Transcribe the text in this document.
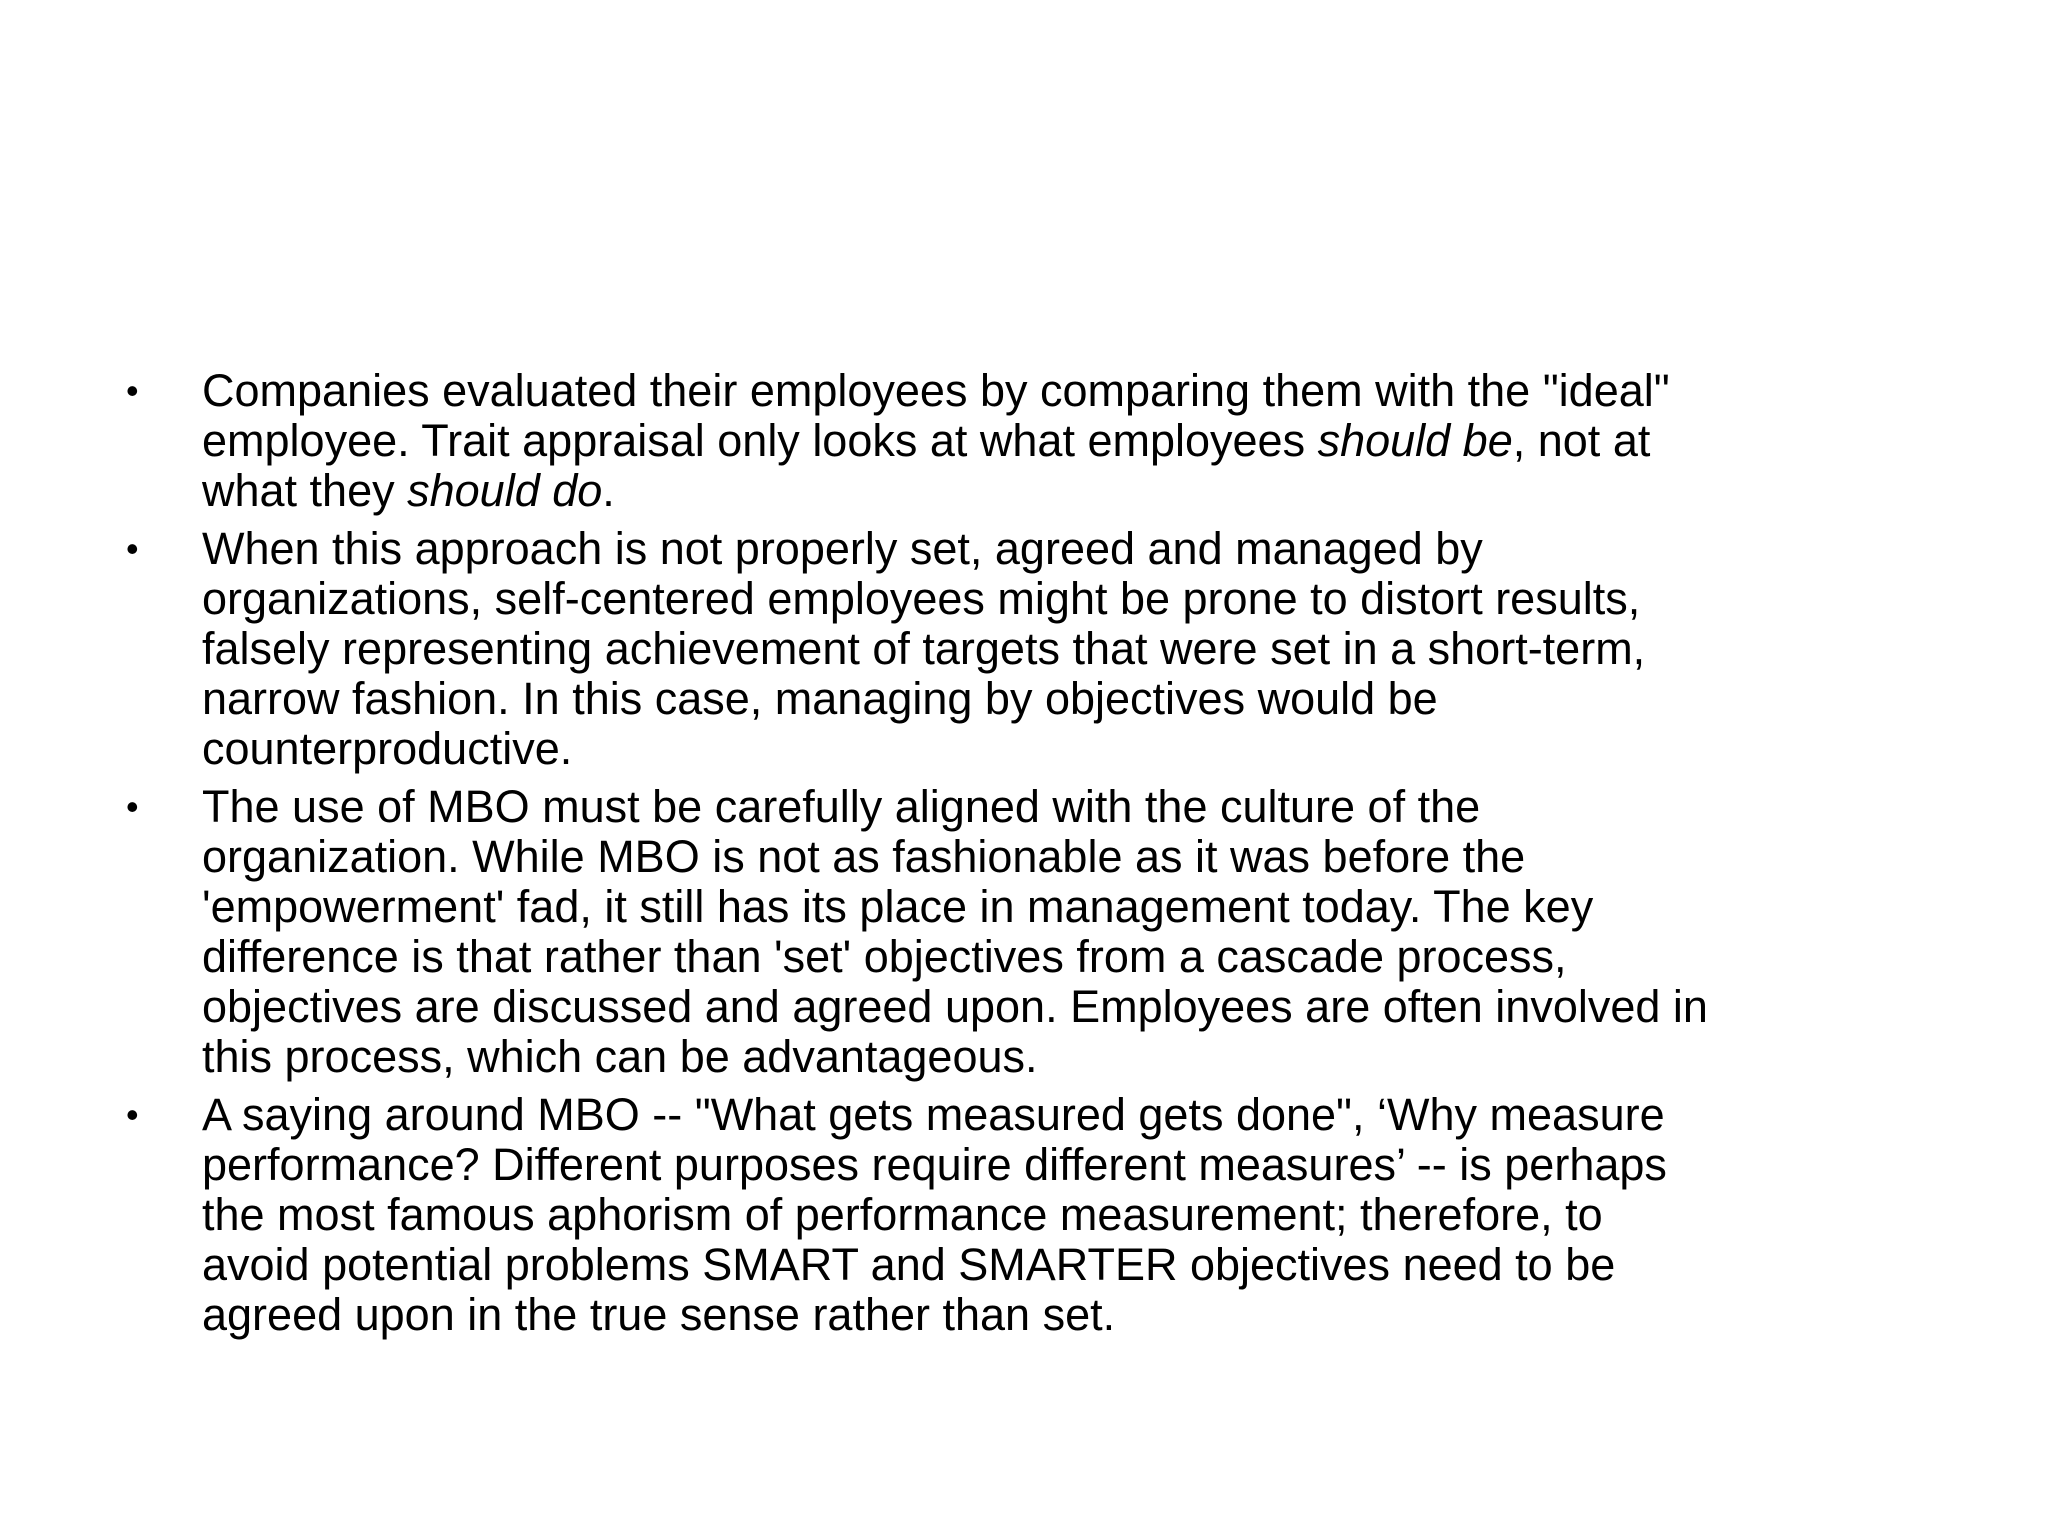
•	Companies evaluated their employees by comparing them with the "ideal"
employee. Trait appraisal only looks at what employees should be, not at
what they should do.
•	When this approach is not properly set, agreed and managed by
organizations, self-centered employees might be prone to distort results,
falsely representing achievement of targets that were set in a short-term,
narrow fashion. In this case, managing by objectives would be
counterproductive.
•	The use of MBO must be carefully aligned with the culture of the
organization. While MBO is not as fashionable as it was before the
'empowerment' fad, it still has its place in management today. The key
difference is that rather than 'set' objectives from a cascade process,
objectives are discussed and agreed upon. Employees are often involved in
this process, which can be advantageous.
•	A saying around MBO -- "What gets measured gets done", ‘Why measure
performance? Different purposes require different measures’ -- is perhaps
the most famous aphorism of performance measurement; therefore, to
avoid potential problems SMART and SMARTER objectives need to be
agreed upon in the true sense rather than set.
